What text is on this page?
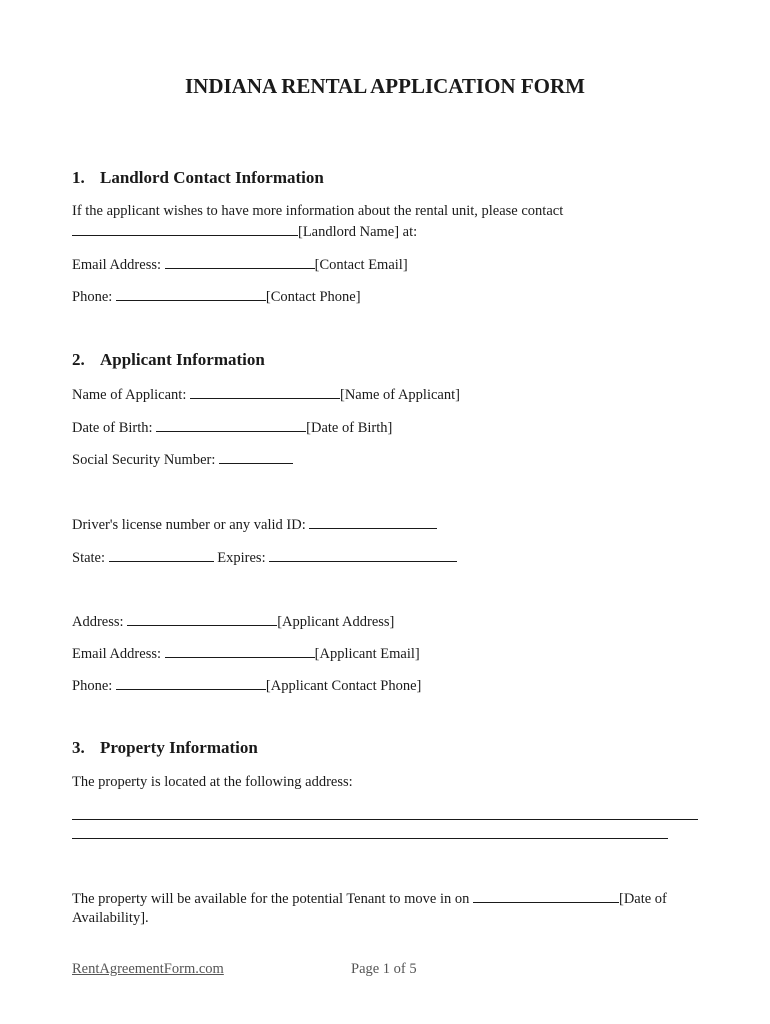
INDIANA RENTAL APPLICATION FORM
1. Landlord Contact Information
If the applicant wishes to have more information about the rental unit, please contact
[Landlord Name] at:
Email Address:	[Contact Email]
Phone:	[Contact Phone]
2. Applicant Information
Name of Applicant:	[Name of Applicant]
Date of Birth:	[Date of Birth]
Social Security Number:
Driver's license number or any valid ID:
State:	Expires:
Address:	[Applicant Address]
Email Address:	[Applicant Email]
Phone:	[Applicant Contact Phone]
3. Property Information
The property is located at the following address:
The property will be available for the potential Tenant to move in on	[Date of
Availability].
RentAgreementForm.com	Page 1 of 5
